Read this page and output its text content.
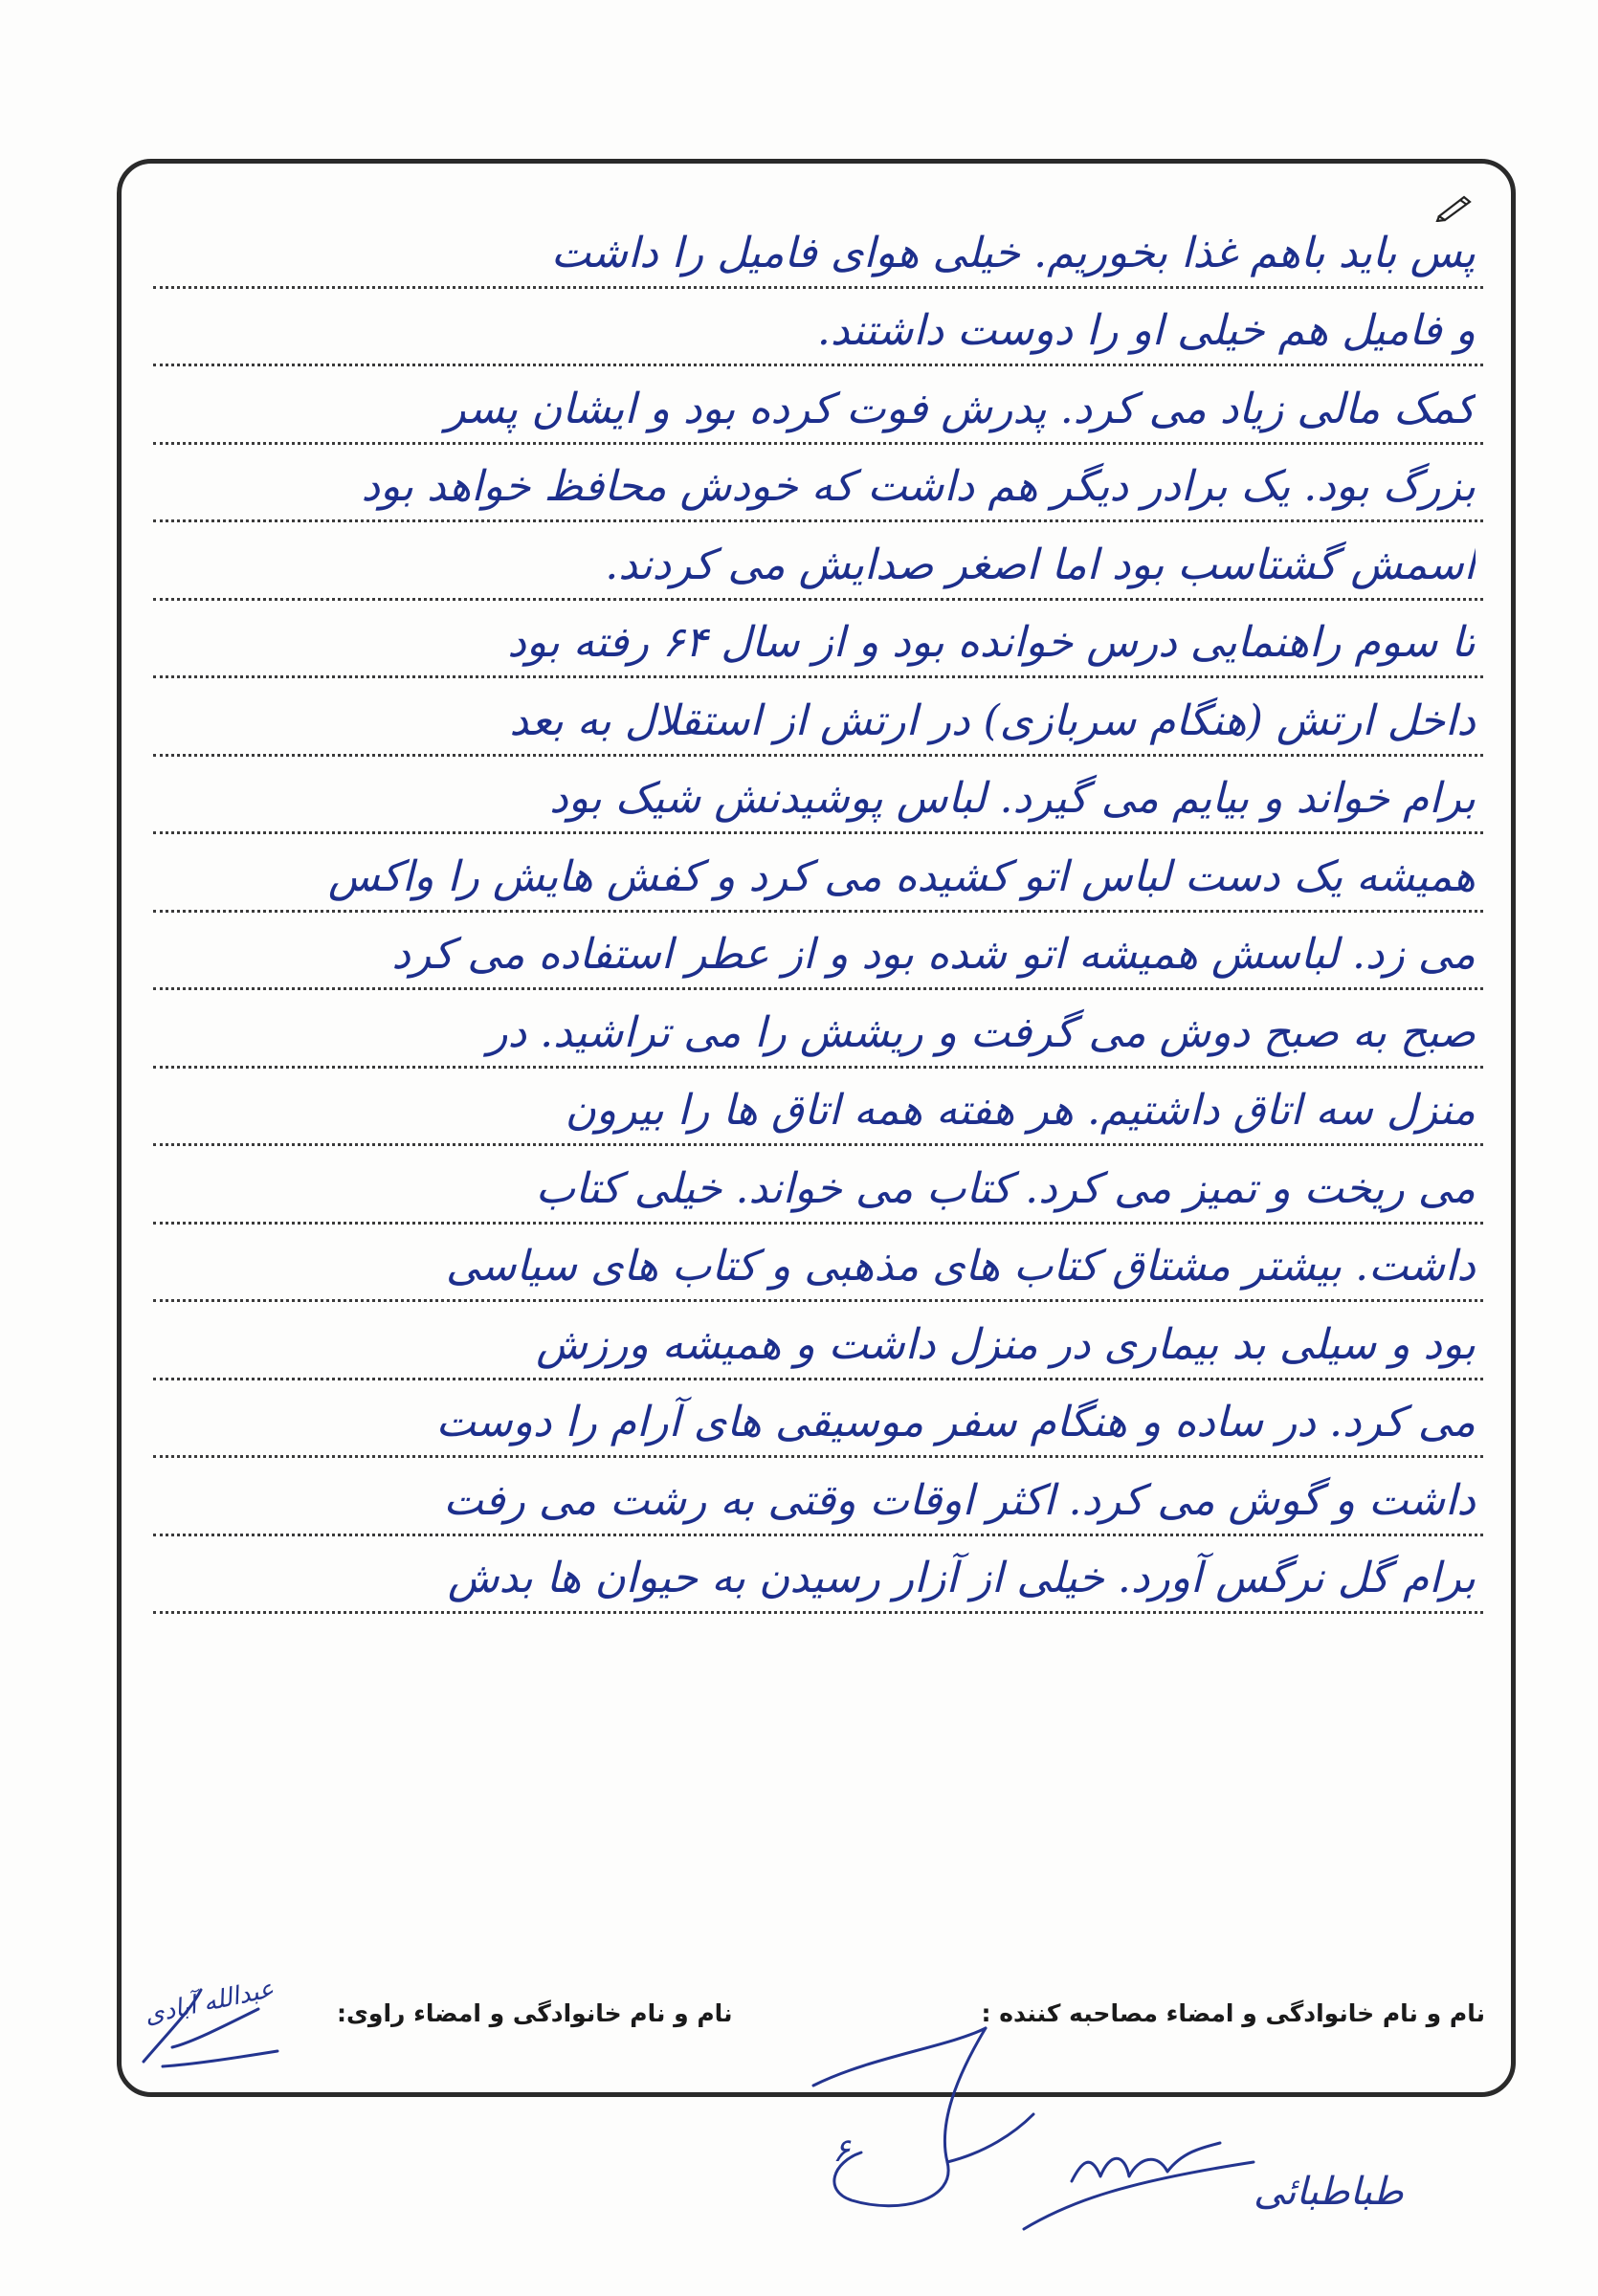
پس باید باهم غذا بخوریم. خیلی هوای فامیل را داشت
و فامیل هم خیلی او را دوست داشتند.
کمک مالی زیاد می کرد. پدرش فوت کرده بود و ایشان پسر
بزرگ بود. یک برادر دیگر هم داشت که خودش محافظ خواهد بود
اسمش گشتاسب بود اما اصغر صدایش می کردند.
تا سوم راهنمایی درس خوانده بود و از سال ۶۴ رفته بود
داخل ارتش (هنگام سربازی) در ارتش از استقلال به بعد
برام خواند و بیایم می گیرد. لباس پوشیدنش شیک بود
همیشه یک دست لباس اتو کشیده می کرد و کفش هایش را واکس
می زد. لباسش همیشه اتو شده بود و از عطر استفاده می کرد
صبح به صبح دوش می گرفت و ریشش را می تراشید. در
منزل سه اتاق داشتیم. هر هفته همه اتاق ها را بیرون
می ریخت و تمیز می کرد. کتاب می خواند. خیلی کتاب
داشت. بیشتر مشتاق کتاب های مذهبی و کتاب های سیاسی
بود و سیلی بد بیماری در منزل داشت و همیشه ورزش
می کرد. در ساده و هنگام سفر موسیقی های آرام را دوست
داشت و گوش می کرد. اکثر اوقات وقتی به رشت می رفت
برام گل نرگس آورد. خیلی از آزار رسیدن به حیوان ها بدش
نام و نام خانوادگی و امضاء مصاحبه کننده :
نام و نام خانوادگی و امضاء راوی:
عبدالله آبادی
۶
طباطبائی
